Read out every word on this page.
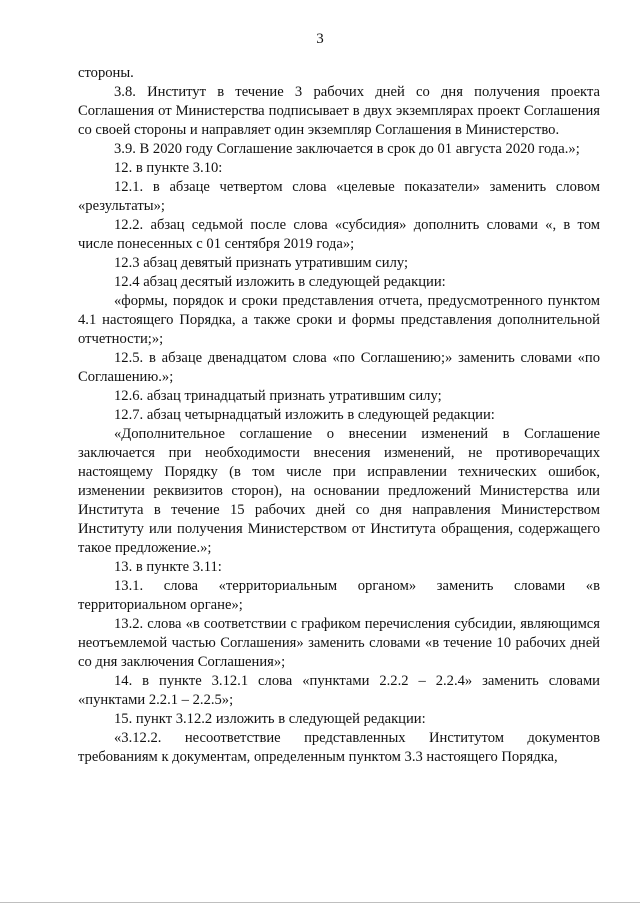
3

стороны.

3.8. Институт в течение 3 рабочих дней со дня получения проекта Соглашения от Министерства подписывает в двух экземплярах проект Соглашения со своей стороны и направляет один экземпляр Соглашения в Министерство.

3.9. В 2020 году Соглашение заключается в срок до 01 августа 2020 года.»;

12. в пункте 3.10:

12.1. в абзаце четвертом слова «целевые показатели» заменить словом «результаты»;

12.2. абзац седьмой после слова «субсидия» дополнить словами «, в том числе понесенных с 01 сентября 2019 года»;

12.3 абзац девятый признать утратившим силу;

12.4 абзац десятый изложить в следующей редакции:

«формы, порядок и сроки представления отчета, предусмотренного пунктом 4.1 настоящего Порядка, а также сроки и формы представления дополнительной отчетности;»;

12.5. в абзаце двенадцатом слова «по Соглашению;» заменить словами «по Соглашению.»;

12.6. абзац тринадцатый признать утратившим силу;

12.7. абзац четырнадцатый изложить в следующей редакции:

«Дополнительное соглашение о внесении изменений в Соглашение заключается при необходимости внесения изменений, не противоречащих настоящему Порядку (в том числе при исправлении технических ошибок, изменении реквизитов сторон), на основании предложений Министерства или Института в течение 15 рабочих дней со дня направления Министерством Институту или получения Министерством от Института обращения, содержащего такое предложение.»;

13. в пункте 3.11:

13.1. слова «территориальным органом» заменить словами «в территориальном органе»;

13.2. слова «в соответствии с графиком перечисления субсидии, являющимся неотъемлемой частью Соглашения» заменить словами «в течение 10 рабочих дней со дня заключения Соглашения»;

14. в пункте 3.12.1 слова «пунктами 2.2.2 – 2.2.4» заменить словами «пунктами 2.2.1 – 2.2.5»;

15. пункт 3.12.2 изложить в следующей редакции:

«3.12.2. несоответствие представленных Институтом документов требованиям к документам, определенным пунктом 3.3 настоящего Порядка,
